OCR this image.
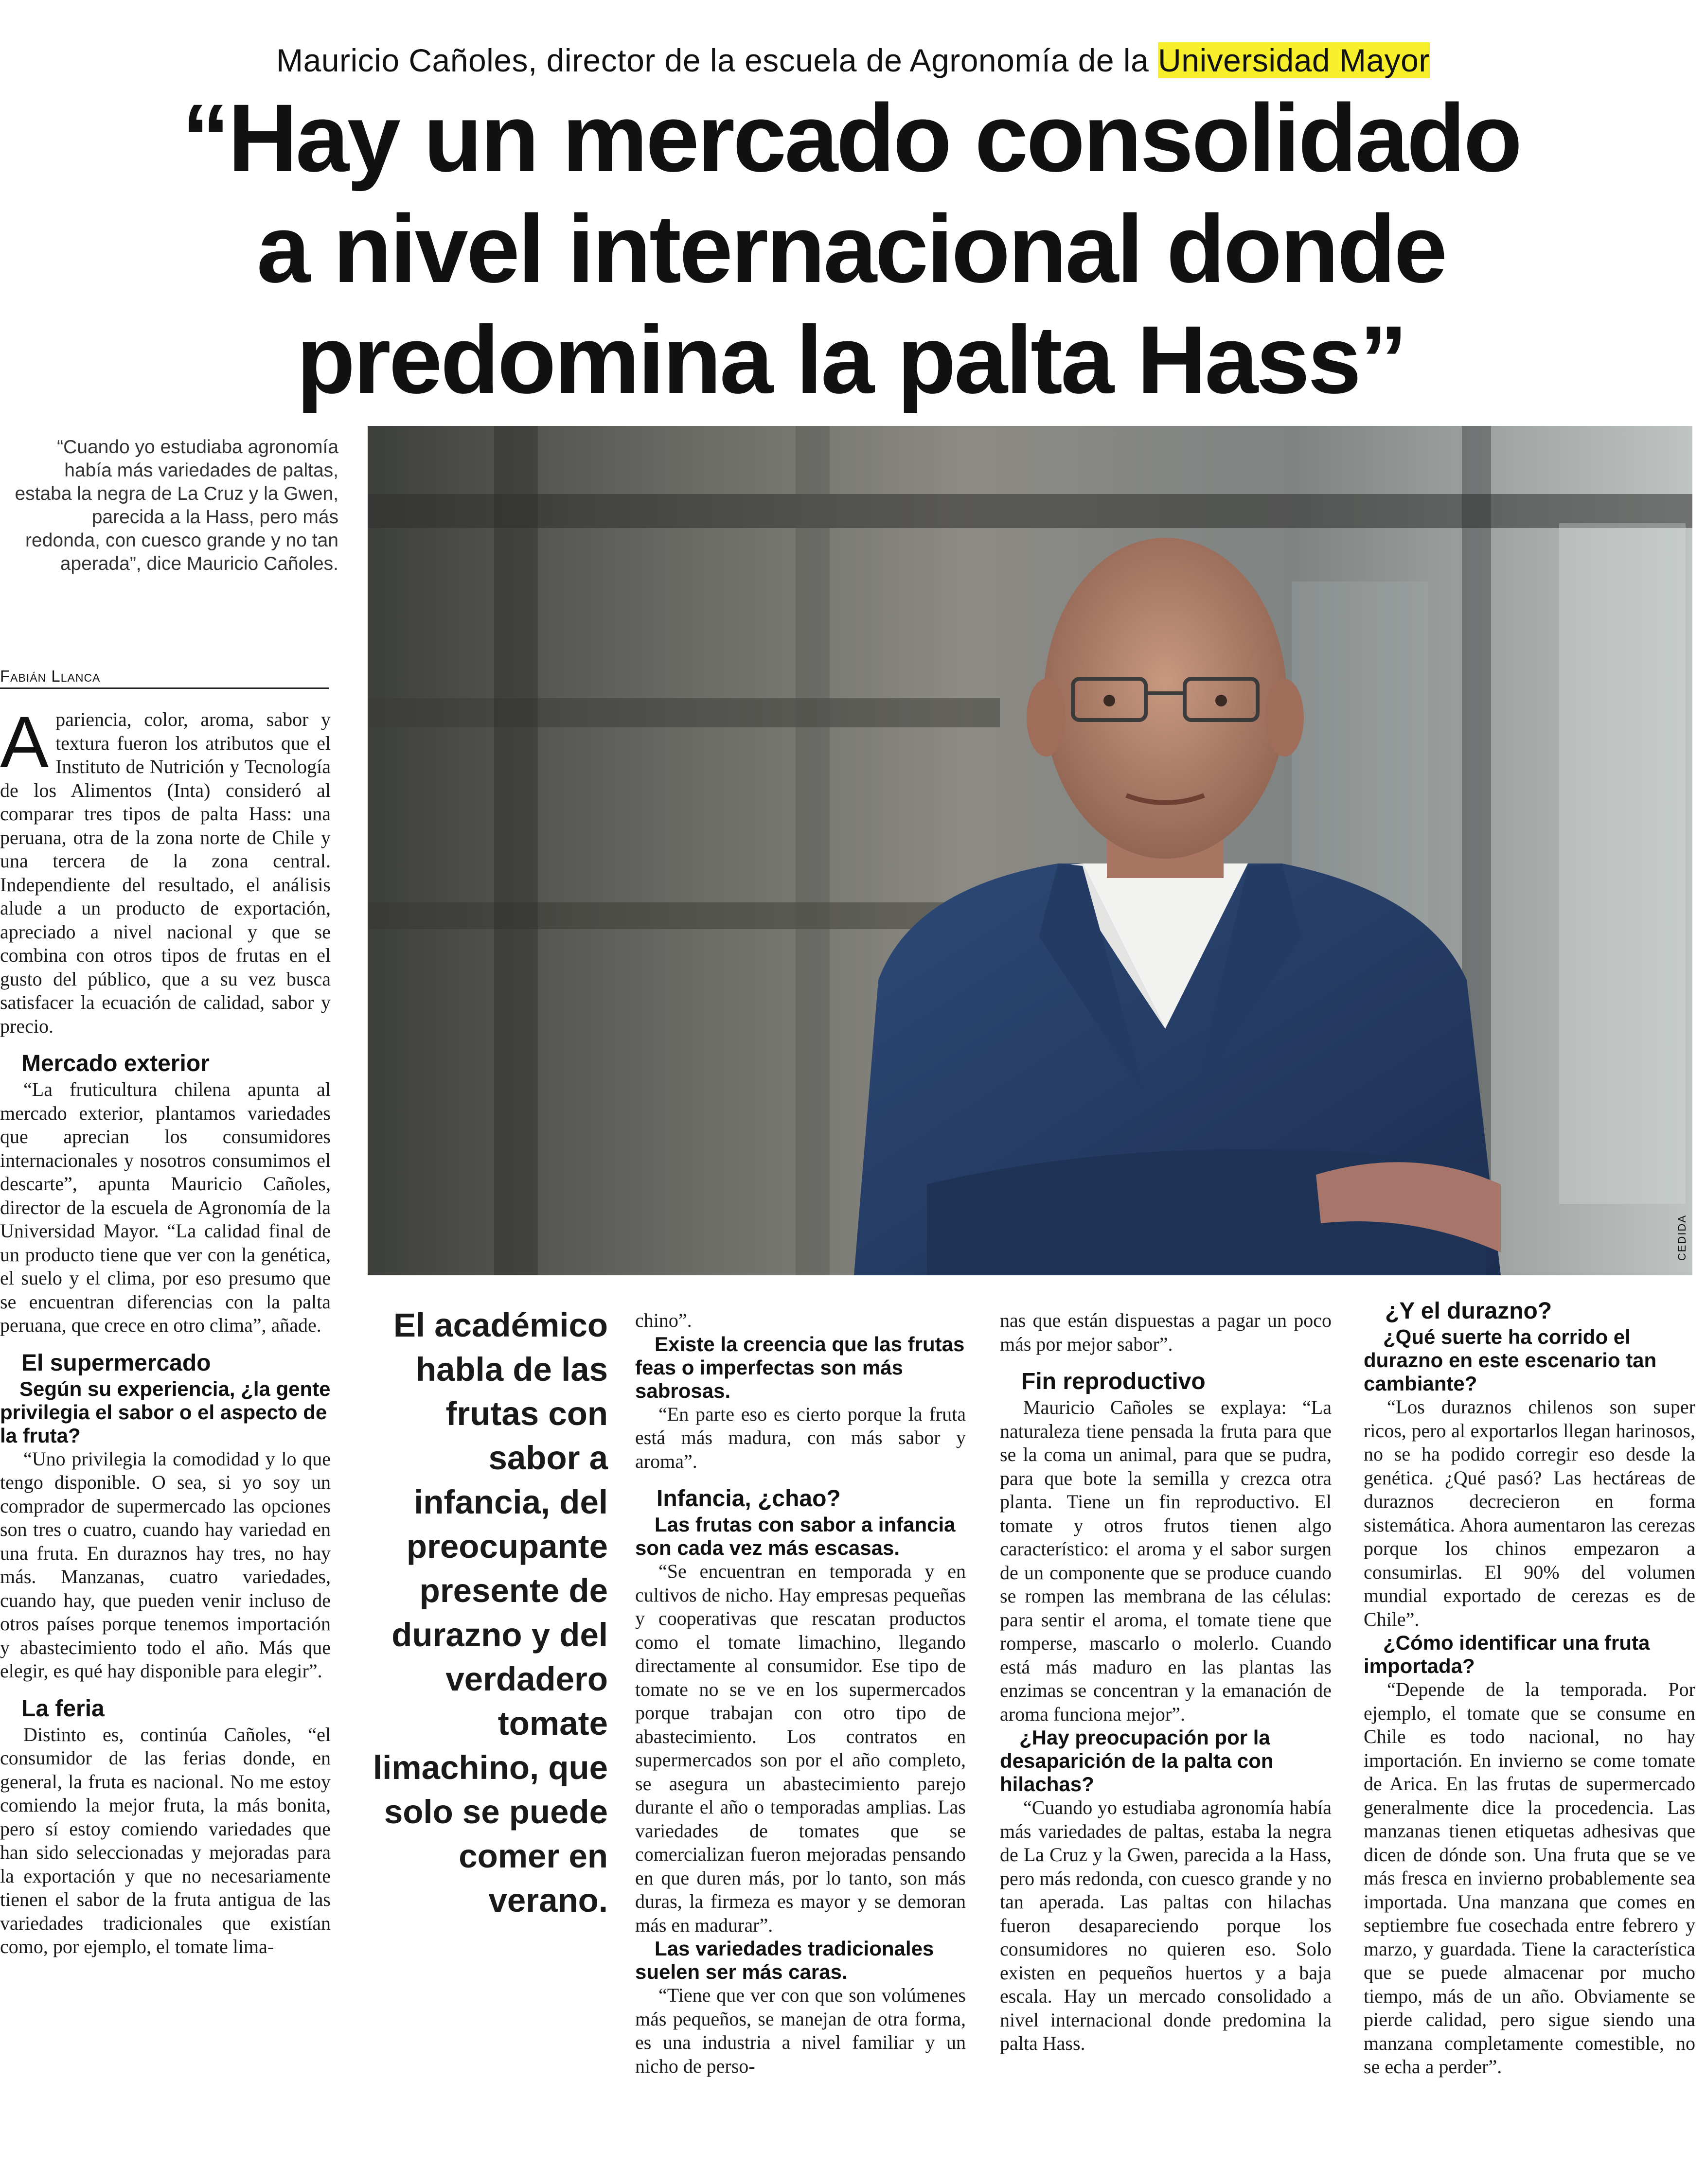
Mauricio Cañoles, director de la escuela de Agronomía de la Universidad Mayor
“Hay un mercado consolidado
a nivel internacional donde
predomina la palta Hass”
“Cuando yo estudiaba agronomía había más variedades de paltas, estaba la negra de La Cruz y la Gwen, parecida a la Hass, pero más redonda, con cuesco grande y no tan aperada”, dice Mauricio Cañoles.
Fabián Llanca
CEDIDA

Apariencia, color, aroma, sabor y textura fueron los atributos que el Instituto de Nutrición y Tecnología de los Alimentos (Inta) consideró al comparar tres tipos de palta Hass: una peruana, otra de la zona norte de Chile y una tercera de la zona central. Independiente del resultado, el análisis alude a un producto de exportación, apreciado a nivel nacional y que se combina con otros tipos de frutas en el gusto del público, que a su vez busca satisfacer la ecuación de calidad, sabor y precio.

Mercado exterior

“La fruticultura chilena apunta al mercado exterior, plantamos variedades que aprecian los consumidores internacionales y nosotros consumimos el descarte”, apunta Mauricio Cañoles, director de la escuela de Agronomía de la Universidad Mayor. “La calidad final de un producto tiene que ver con la genética, el suelo y el clima, por eso presumo que se encuentran diferencias con la palta peruana, que crece en otro clima”, añade.

El supermercado

Según su experiencia, ¿la gente privilegia el sabor o el aspecto de la fruta?

“Uno privilegia la comodidad y lo que tengo disponible. O sea, si yo soy un comprador de supermercado las opciones son tres o cuatro, cuando hay variedad en una fruta. En duraznos hay tres, no hay más. Manzanas, cuatro variedades, cuando hay, que pueden venir incluso de otros países porque tenemos importación y abastecimiento todo el año. Más que elegir, es qué hay disponible para elegir”.

La feria

Distinto es, continúa Cañoles, “el consumidor de las ferias donde, en general, la fruta es nacional. No me estoy comiendo la mejor fruta, la más bonita, pero sí estoy comiendo variedades que han sido seleccionadas y mejoradas para la exportación y que no necesariamente tienen el sabor de la fruta antigua de las variedades tradicionales que existían como, por ejemplo, el tomate lima-

El académico habla de las frutas con sabor a infancia, del preocupante presente de durazno y del verdadero tomate limachino, que solo se puede comer en verano.

chino”.

Existe la creencia que las frutas feas o imperfectas son más sabrosas.

“En parte eso es cierto porque la fruta está más madura, con más sabor y aroma”.

Infancia, ¿chao?

Las frutas con sabor a infancia son cada vez más escasas.

“Se encuentran en temporada y en cultivos de nicho. Hay empresas pequeñas y cooperativas que rescatan productos como el tomate limachino, llegando directamente al consumidor. Ese tipo de tomate no se ve en los supermercados porque trabajan con otro tipo de abastecimiento. Los contratos en supermercados son por el año completo, se asegura un abastecimiento parejo durante el año o temporadas amplias. Las variedades de tomates que se comercializan fueron mejoradas pensando en que duren más, por lo tanto, son más duras, la firmeza es mayor y se demoran más en madurar”.

Las variedades tradicionales suelen ser más caras.

“Tiene que ver con que son volúmenes más pequeños, se manejan de otra forma, es una industria a nivel familiar y un nicho de perso-

nas que están dispuestas a pagar un poco más por mejor sabor”.

Fin reproductivo

Mauricio Cañoles se explaya: “La naturaleza tiene pensada la fruta para que se la coma un animal, para que se pudra, para que bote la semilla y crezca otra planta. Tiene un fin reproductivo. El tomate y otros frutos tienen algo característico: el aroma y el sabor surgen de un componente que se produce cuando se rompen las membrana de las células: para sentir el aroma, el tomate tiene que romperse, mascarlo o molerlo. Cuando está más maduro en las plantas las enzimas se concentran y la emanación de aroma funciona mejor”.

¿Hay preocupación por la desaparición de la palta con hilachas?

“Cuando yo estudiaba agronomía había más variedades de paltas, estaba la negra de La Cruz y la Gwen, parecida a la Hass, pero más redonda, con cuesco grande y no tan aperada. Las paltas con hilachas fueron desapareciendo porque los consumidores no quieren eso. Solo existen en pequeños huertos y a baja escala. Hay un mercado consolidado a nivel internacional donde predomina la palta Hass.

¿Y el durazno?

¿Qué suerte ha corrido el durazno en este escenario tan cambiante?

“Los duraznos chilenos son super ricos, pero al exportarlos llegan harinosos, no se ha podido corregir eso desde la genética. ¿Qué pasó? Las hectáreas de duraznos decrecieron en forma sistemática. Ahora aumentaron las cerezas porque los chinos empezaron a consumirlas. El 90% del volumen mundial exportado de cerezas es de Chile”.

¿Cómo identificar una fruta importada?

“Depende de la temporada. Por ejemplo, el tomate que se consume en Chile es todo nacional, no hay importación. En invierno se come tomate de Arica. En las frutas de supermercado generalmente dice la procedencia. Las manzanas tienen etiquetas adhesivas que dicen de dónde son. Una fruta que se ve más fresca en invierno probablemente sea importada. Una manzana que comes en septiembre fue cosechada entre febrero y marzo, y guardada. Tiene la característica que se puede almacenar por mucho tiempo, más de un año. Obviamente se pierde calidad, pero sigue siendo una manzana completamente comestible, no se echa a perder”.
